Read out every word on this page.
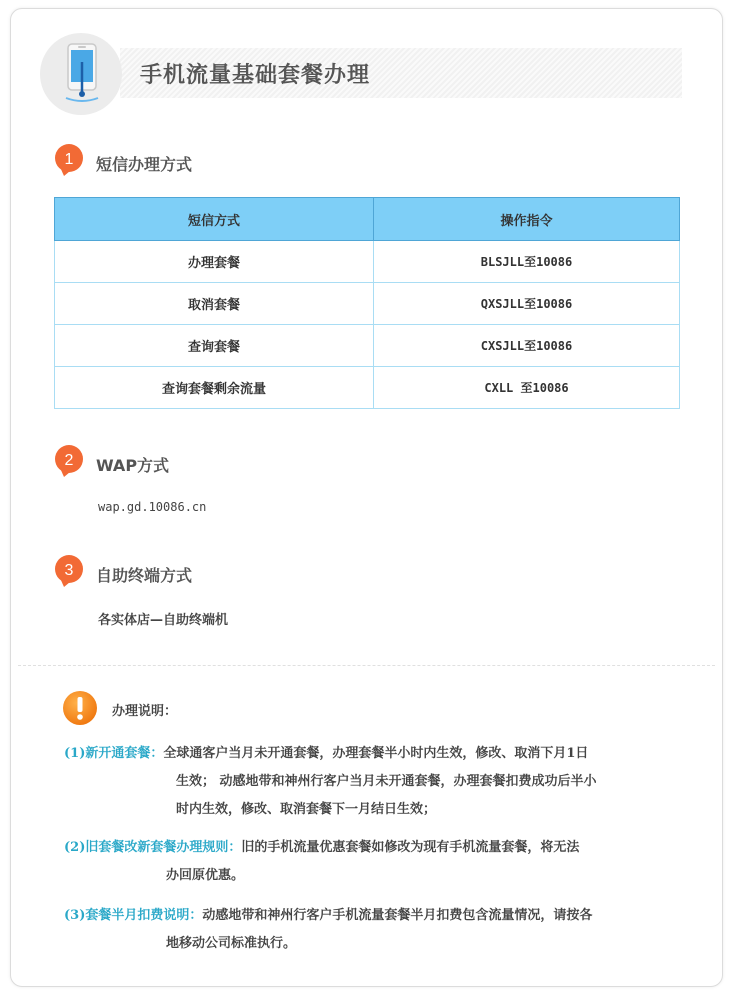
手机流量基础套餐办理
1 短信办理方式
短信方式	操作指令
办理套餐	BLSJLL至10086
取消套餐	QXSJLL至10086
查询套餐	CXSJLL至10086
查询套餐剩余流量	CXLL 至10086
2 WAP方式
wap.gd.10086.cn
3 自助终端方式
各实体店—自助终端机
办理说明：
(1)新开通套餐：全球通客户当月未开通套餐，办理套餐半小时内生效，修改、取消下月1日
生效； 动感地带和神州行客户当月未开通套餐，办理套餐扣费成功后半小
时内生效，修改、取消套餐下一月结日生效；
(2)旧套餐改新套餐办理规则：旧的手机流量优惠套餐如修改为现有手机流量套餐，将无法
办回原优惠。
(3)套餐半月扣费说明：动感地带和神州行客户手机流量套餐半月扣费包含流量情况，请按各
地移动公司标准执行。
